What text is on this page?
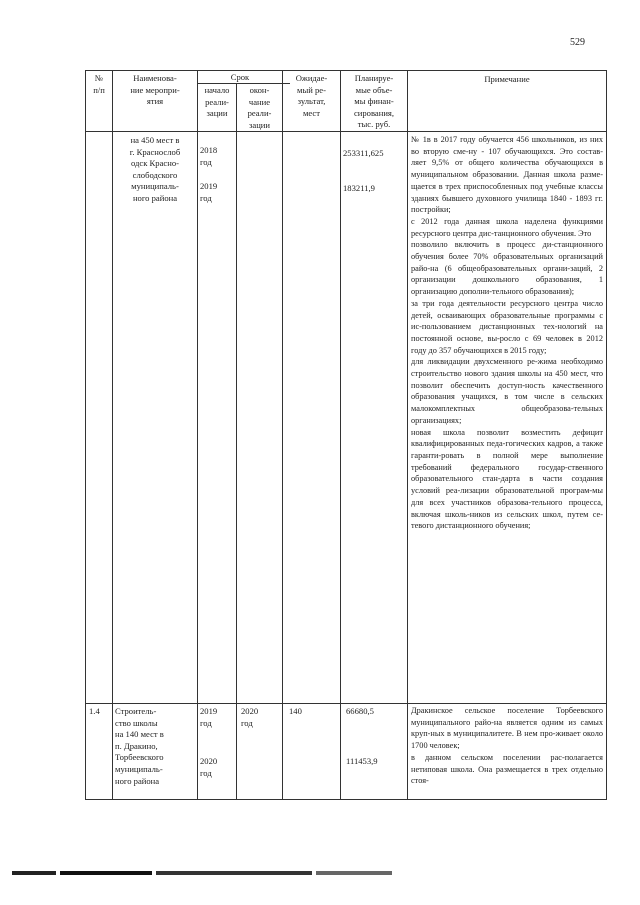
529
№
п/п
Наименова-
ние меропри-
ятия
Срок
начало
реали-
зации
окон-
чание
реали-
зации
Ожидае-
мый ре-
зультат,
мест
Планируе-
мые объе-
мы финан-
сирования,
тыс. руб.
Примечание
на 450 мест в
г. Краснослоб
одск Красно-
слободского
муниципаль-
ного района
2018
год
2019
год
253311,625
183211,9
№ 1в в 2017 году обучается 456 школьников, из них во вторую сме-ну - 107 обучающихся. Это состав-ляет 9,5% от общего количества обучающихся в муниципальном образовании. Данная школа разме-щается в трех приспособленных под учебные классы зданиях бывшего духовного училища 1840 - 1893 гг. постройки;
с 2012 года данная школа наделена функциями ресурсного центра дис-танционного обучения. Это
позволило включить в процесс ди-станционного обучения более 70% образовательных организаций райо-на (6 общеобразовательных органи-заций, 2 организации дошкольного образования, 1 организацию дополни-тельного образования);
за три года деятельности ресурсного центра число детей, осваивающих образовательные программы с ис-пользованием дистанционных тех-нологий на постоянной основе, вы-росло с 69 человек в 2012 году до 357 обучающихся в 2015 году;
для ликвидации двухсменного ре-жима необходимо строительство нового здания школы на 450 мест, что позволит обеспечить доступ-ность качественного образования учащихся, в том числе в сельских малокомплектных общеобразова-тельных организациях;
новая школа позволит возместить дефицит квалифицированных педа-гогических кадров, а также гаранти-ровать в полной мере выполнение требований федерального государ-ственного образовательного стан-дарта в части создания условий реа-лизации образовательной програм-мы для всех участников образова-тельного процесса, включая школь-ников из сельских школ, путем се-тевого дистанционного обучения;
1.4	Строитель-
ство школы
на 140 мест в
п. Дракино,
Торбеевского
муниципаль-
ного района
2019
год
2020
год
2020
год
140	66680,5
111453,9
Дракинское сельское поселение Торбеевского муниципального райо-на является одним из самых круп-ных в муниципалитете. В нем про-живает около 1700 человек;
в данном сельском поселении рас-полагается нетиповая школа. Она размещается в трех отдельно стоя-
